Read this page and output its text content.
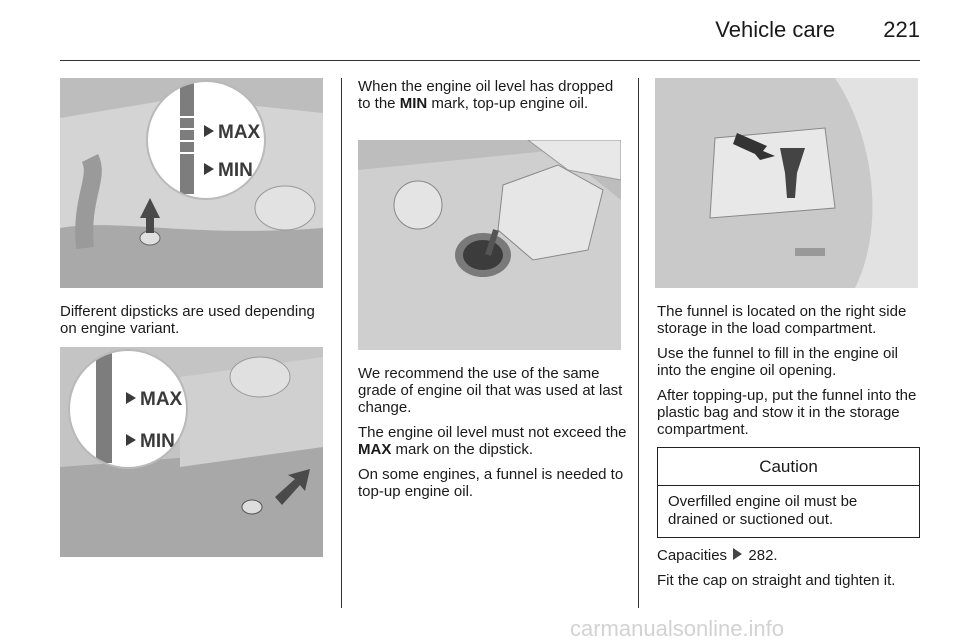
Vehicle care 221
MAX
MIN

Different dipsticks are used depending on engine variant.

MAX
MIN

When the engine oil level has dropped to the MIN mark, top-up engine oil.

We recommend the use of the same grade of engine oil that was used at last change.

The engine oil level must not exceed the MAX mark on the dipstick.

On some engines, a funnel is needed to top-up engine oil.

The funnel is located on the right side storage in the load compartment.

Use the funnel to fill in the engine oil into the engine oil opening.

After topping-up, put the funnel into the plastic bag and stow it in the storage compartment.

Caution
Overfilled engine oil must be drained or suctioned out.

Capacities 282.

Fit the cap on straight and tighten it.

carmanualsonline.info
